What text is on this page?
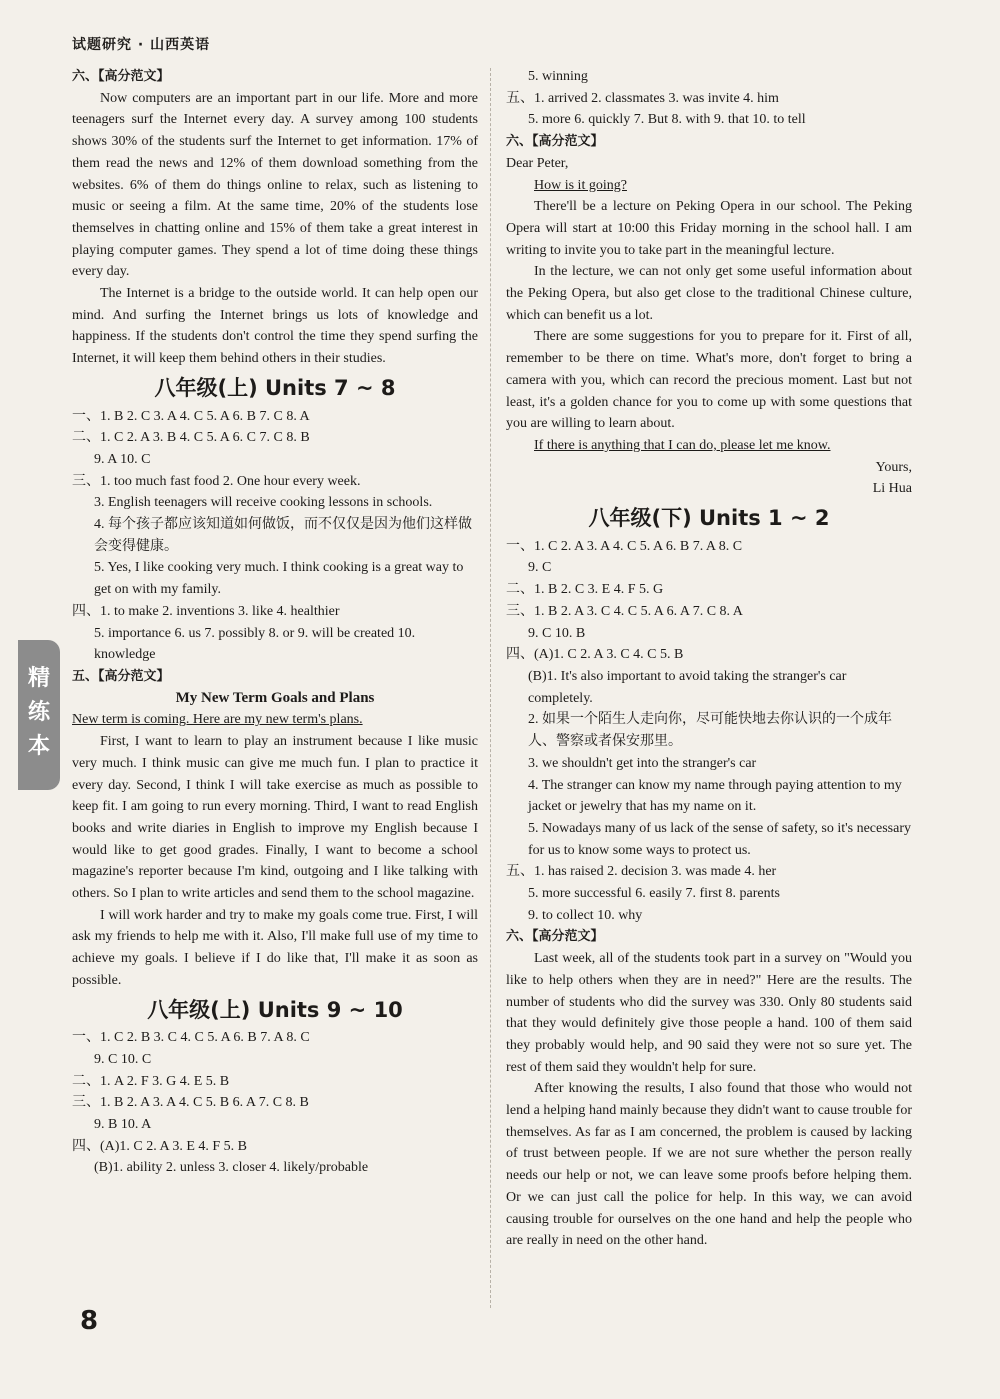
试题研究 · 山西英语
精练本

六、【高分范文】

Now computers are an important part in our life. More and more teenagers surf the Internet every day. A survey among 100 students shows 30% of the students surf the Internet to get information. 17% of them read the news and 12% of them download something from the websites. 6% of them do things online to relax, such as listening to music or seeing a film. At the same time, 20% of the students lose themselves in chatting online and 15% of them take a great interest in playing computer games. They spend a lot of time doing these things every day.

The Internet is a bridge to the outside world. It can help open our mind. And surfing the Internet brings us lots of knowledge and happiness. If the students don't control the time they spend surfing the Internet, it will keep them behind others in their studies.

八年级(上) Units 7 ~ 8

一、1. B 2. C 3. A 4. C 5. A 6. B 7. C 8. A

二、1. C 2. A 3. B 4. C 5. A 6. C 7. C 8. B

9. A 10. C

三、1. too much fast food 2. One hour every week.

3. English teenagers will receive cooking lessons in schools.

4. 每个孩子都应该知道如何做饭，而不仅仅是因为他们这样做会变得健康。

5. Yes, I like cooking very much. I think cooking is a great way to get on with my family.

四、1. to make 2. inventions 3. like 4. healthier

5. importance 6. us 7. possibly 8. or 9. will be created 10. knowledge

五、【高分范文】

My New Term Goals and Plans

New term is coming. Here are my new term's plans.

First, I want to learn to play an instrument because I like music very much. I think music can give me much fun. I plan to practice it every day. Second, I think I will take exercise as much as possible to keep fit. I am going to run every morning. Third, I want to read English books and write diaries in English to improve my English because I would like to get good grades. Finally, I want to become a school magazine's reporter because I'm kind, outgoing and I like talking with others. So I plan to write articles and send them to the school magazine.

I will work harder and try to make my goals come true. First, I will ask my friends to help me with it. Also, I'll make full use of my time to achieve my goals. I believe if I do like that, I'll make it as soon as possible.

八年级(上) Units 9 ~ 10

一、1. C 2. B 3. C 4. C 5. A 6. B 7. A 8. C

9. C 10. C

二、1. A 2. F 3. G 4. E 5. B

三、1. B 2. A 3. A 4. C 5. B 6. A 7. C 8. B

9. B 10. A

四、(A)1. C 2. A 3. E 4. F 5. B

(B)1. ability 2. unless 3. closer 4. likely/probable

5. winning

五、1. arrived 2. classmates 3. was invite 4. him

5. more 6. quickly 7. But 8. with 9. that 10. to tell

六、【高分范文】

Dear Peter,

How is it going?

There'll be a lecture on Peking Opera in our school. The Peking Opera will start at 10:00 this Friday morning in the school hall. I am writing to invite you to take part in the meaningful lecture.

In the lecture, we can not only get some useful information about the Peking Opera, but also get close to the traditional Chinese culture, which can benefit us a lot.

There are some suggestions for you to prepare for it. First of all, remember to be there on time. What's more, don't forget to bring a camera with you, which can record the precious moment. Last but not least, it's a golden chance for you to come up with some questions that you are willing to learn about.

If there is anything that I can do, please let me know.

Yours,

Li Hua

八年级(下) Units 1 ~ 2

一、1. C 2. A 3. A 4. C 5. A 6. B 7. A 8. C

9. C

二、1. B 2. C 3. E 4. F 5. G

三、1. B 2. A 3. C 4. C 5. A 6. A 7. C 8. A

9. C 10. B

四、(A)1. C 2. A 3. C 4. C 5. B

(B)1. It's also important to avoid taking the stranger's car completely.

2. 如果一个陌生人走向你，尽可能快地去你认识的一个成年人、警察或者保安那里。

3. we shouldn't get into the stranger's car

4. The stranger can know my name through paying attention to my jacket or jewelry that has my name on it.

5. Nowadays many of us lack of the sense of safety, so it's necessary for us to know some ways to protect us.

五、1. has raised 2. decision 3. was made 4. her

5. more successful 6. easily 7. first 8. parents

9. to collect 10. why

六、【高分范文】

Last week, all of the students took part in a survey on "Would you like to help others when they are in need?" Here are the results. The number of students who did the survey was 330. Only 80 students said that they would definitely give those people a hand. 100 of them said they probably would help, and 90 said they were not so sure yet. The rest of them said they wouldn't help for sure.

After knowing the results, I also found that those who would not lend a helping hand mainly because they didn't want to cause trouble for themselves. As far as I am concerned, the problem is caused by lacking of trust between people. If we are not sure whether the person really needs our help or not, we can leave some proofs before helping them. Or we can just call the police for help. In this way, we can avoid causing trouble for ourselves on the one hand and help the people who are really in need on the other hand.

8
